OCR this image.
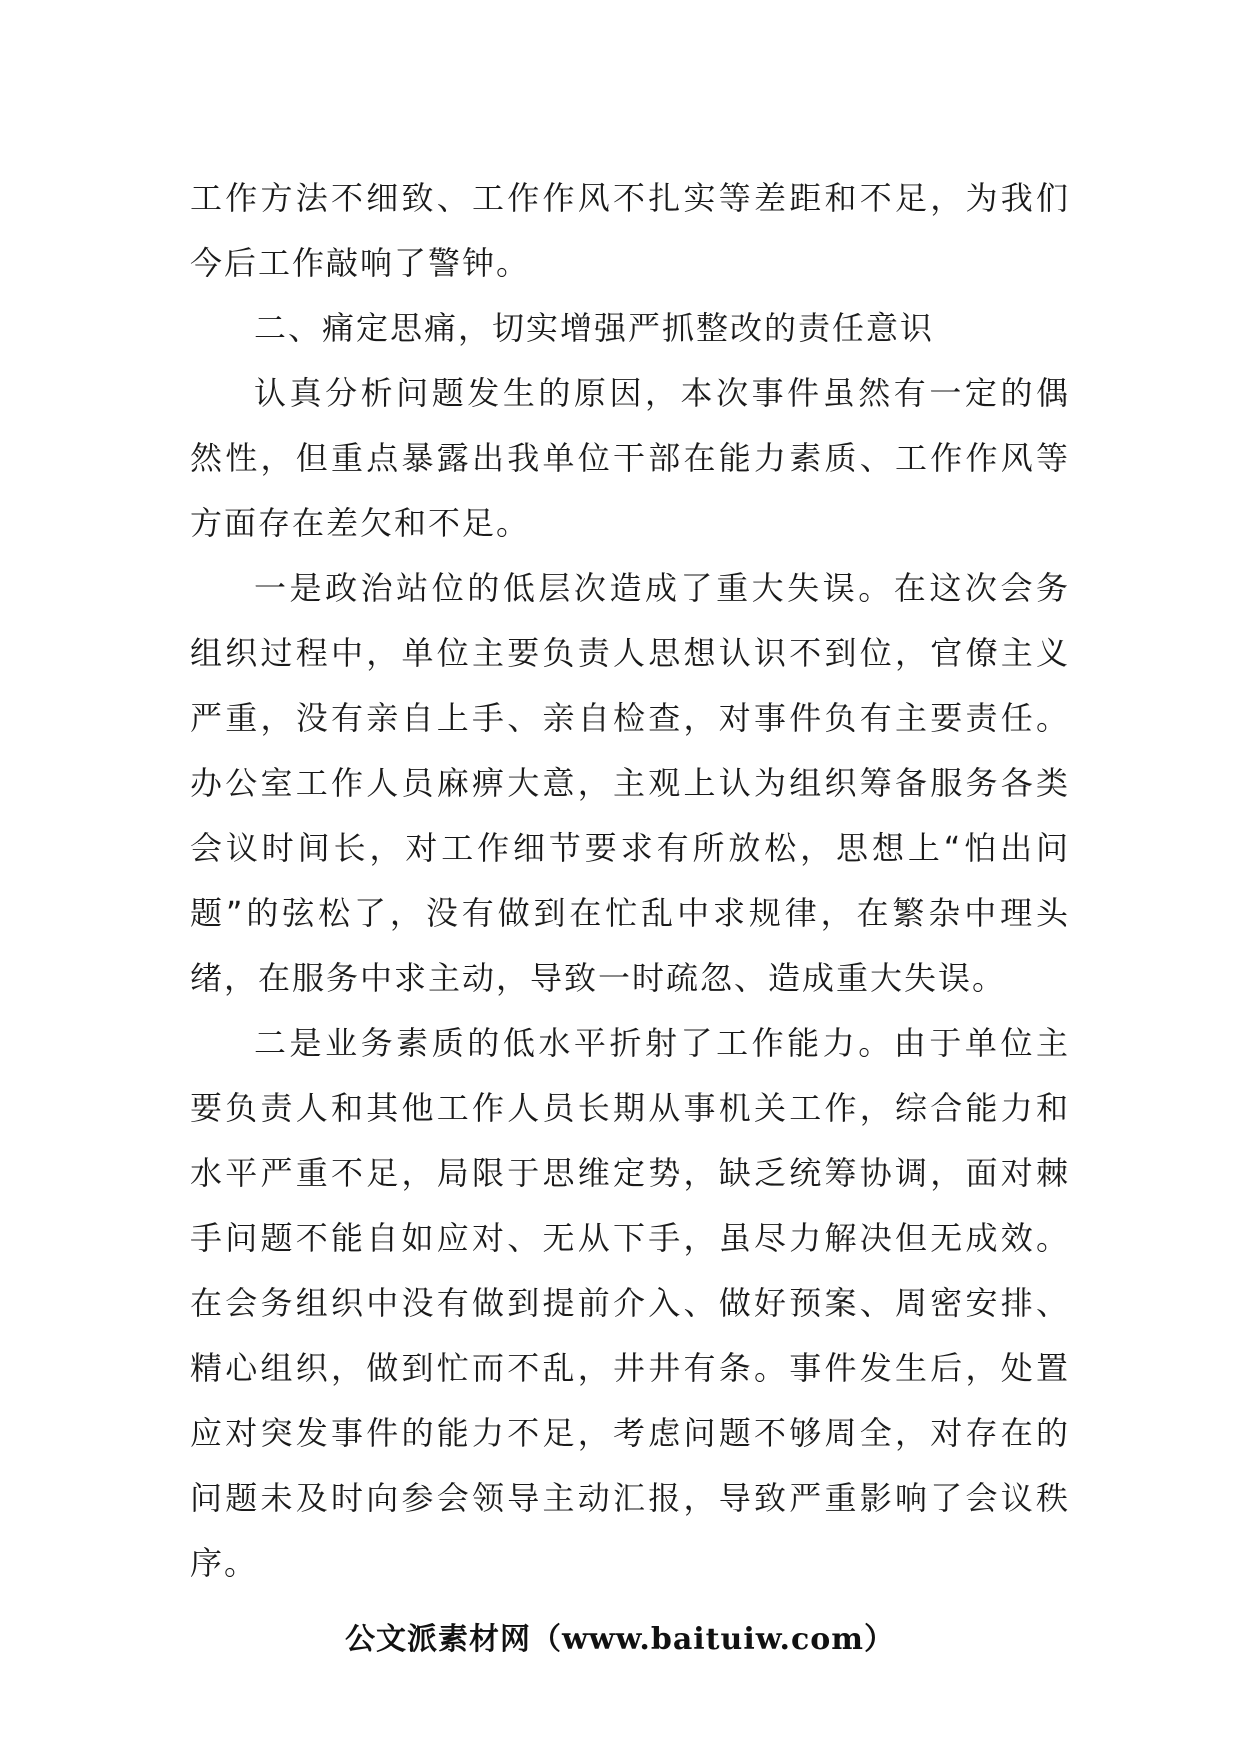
工作方法不细致、工作作风不扎实等差距和不足，为我们
今后工作敲响了警钟。
二、痛定思痛，切实增强严抓整改的责任意识
认真分析问题发生的原因，本次事件虽然有一定的偶
然性，但重点暴露出我单位干部在能力素质、工作作风等
方面存在差欠和不足。
一是政治站位的低层次造成了重大失误。在这次会务
组织过程中，单位主要负责人思想认识不到位，官僚主义
严重，没有亲自上手、亲自检查，对事件负有主要责任。
办公室工作人员麻痹大意，主观上认为组织筹备服务各类
会议时间长，对工作细节要求有所放松，思想上“怕出问
题”的弦松了，没有做到在忙乱中求规律，在繁杂中理头
绪，在服务中求主动，导致一时疏忽、造成重大失误。
二是业务素质的低水平折射了工作能力。由于单位主
要负责人和其他工作人员长期从事机关工作，综合能力和
水平严重不足，局限于思维定势，缺乏统筹协调，面对棘
手问题不能自如应对、无从下手，虽尽力解决但无成效。
在会务组织中没有做到提前介入、做好预案、周密安排、
精心组织，做到忙而不乱，井井有条。事件发生后，处置
应对突发事件的能力不足，考虑问题不够周全，对存在的
问题未及时向参会领导主动汇报，导致严重影响了会议秩
序。
公文派素材网（www.baituiw.com）
